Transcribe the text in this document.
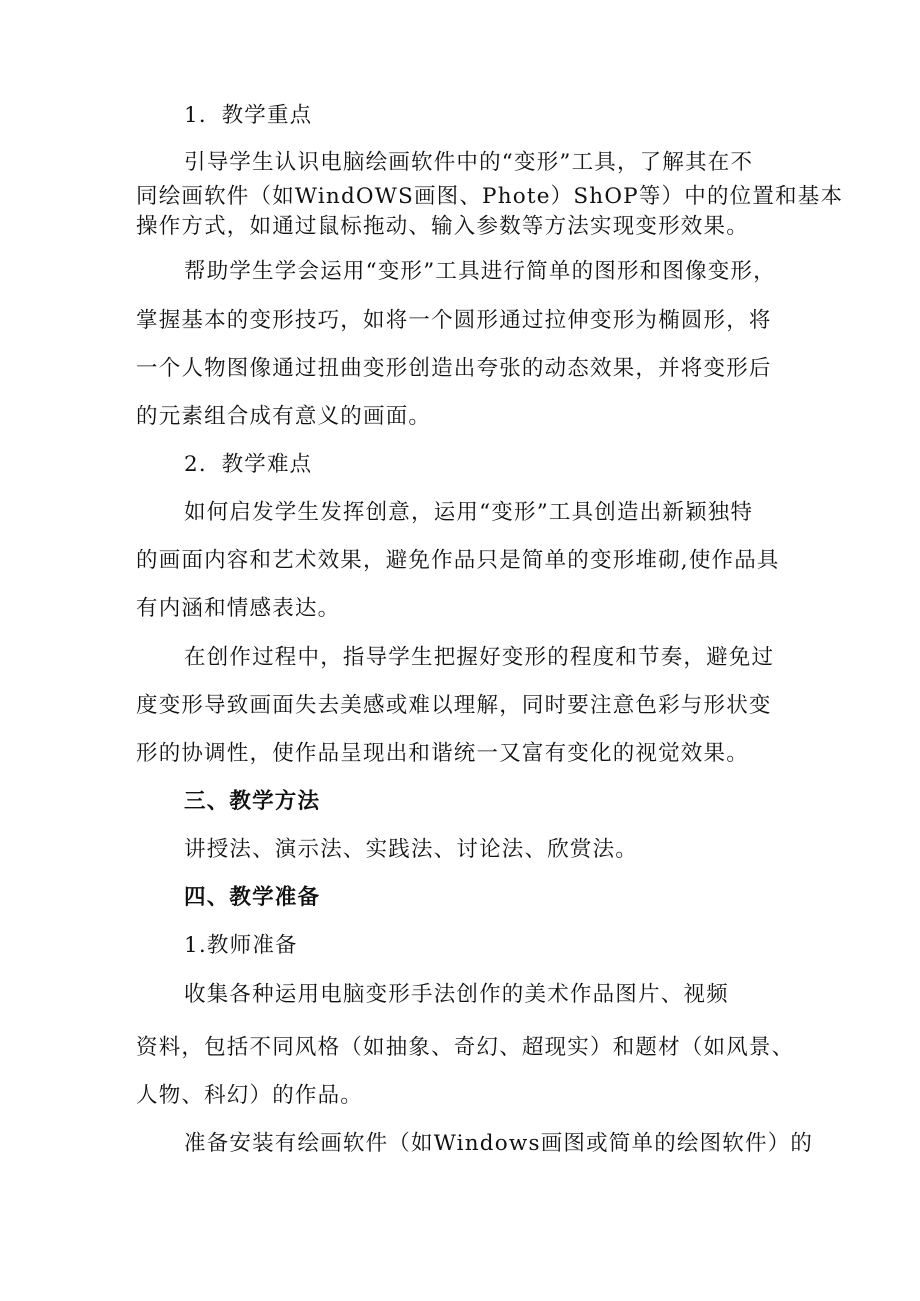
1．教学重点
引导学生认识电脑绘画软件中的“变形”工具，了解其在不
同绘画软件（如WindOWS画图、Phote）ShOP等）中的位置和基本
操作方式，如通过鼠标拖动、输入参数等方法实现变形效果。
帮助学生学会运用“变形”工具进行简单的图形和图像变形，
掌握基本的变形技巧，如将一个圆形通过拉伸变形为椭圆形，将
一个人物图像通过扭曲变形创造出夸张的动态效果，并将变形后
的元素组合成有意义的画面。
2．教学难点
如何启发学生发挥创意，运用“变形”工具创造出新颖独特
的画面内容和艺术效果，避免作品只是简单的变形堆砌,使作品具
有内涵和情感表达。
在创作过程中，指导学生把握好变形的程度和节奏，避免过
度变形导致画面失去美感或难以理解，同时要注意色彩与形状变
形的协调性，使作品呈现出和谐统一又富有变化的视觉效果。
三、教学方法
讲授法、演示法、实践法、讨论法、欣赏法。
四、教学准备
1.教师准备
收集各种运用电脑变形手法创作的美术作品图片、视频
资料，包括不同风格（如抽象、奇幻、超现实）和题材（如风景、
人物、科幻）的作品。
准备安装有绘画软件（如Windows画图或简单的绘图软件）的
